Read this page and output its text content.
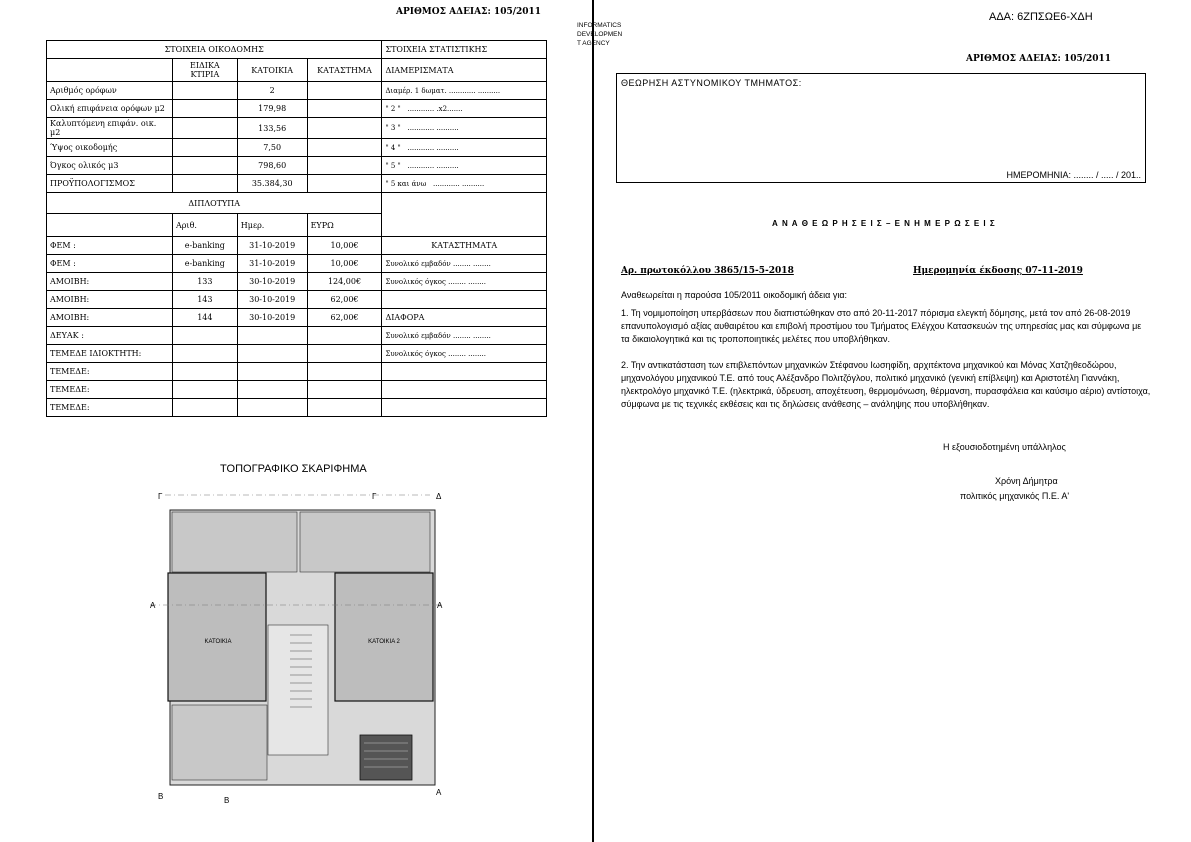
ΑΡΙΘΜΟΣ ΑΔΕΙΑΣ: 105/2011
ΣΤΟΙΧΕΙΑ ΟΙΚΟΔΟΜΗΣ				ΣΤΟΙΧΕΙΑ ΣΤΑΤΙΣΤΙΚΗΣ
	ΕΙΔΙΚΑ ΚΤΙΡΙΑ	ΚΑΤΟΙΚΙΑ	ΚΑΤΑΣΤΗΜΑ	ΔΙΑΜΕΡΙΣΜΑΤΑ
Αριθμός ορόφων		2		Διαμέρ. 1 δωματ. ............ ..........
Ολική επιφάνεια ορόφων μ2		179,98		" 2 " ............ .x2.......
Καλυπτόμενη επιφάν. οικ. μ2		133,56		" 3 " ............ ..........
Ύψος οικοδομής		7,50		" 4 " ............ ..........
Όγκος ολικός μ3		798,60		" 5 " ............ ..........
ΠΡΟΫΠΟΛΟΓΙΣΜΟΣ		35.384,30		" 5 και άνω ............ ..........
ΔΙΠΛΟΤΥΠΑ				
	Αριθ.	Ημερ.	ΕΥΡΩ	
ΦΕΜ :	e-banking	31-10-2019	10,00€	ΚΑΤΑΣΤΗΜΑΤΑ
ΦΕΜ :	e-banking	31-10-2019	10,00€	Συνολικό εμβαδόν ........ ........
ΑΜΟΙΒΗ:	133	30-10-2019	124,00€	Συνολικός όγκος ........ ........
ΑΜΟΙΒΗ:	143	30-10-2019	62,00€	
ΑΜΟΙΒΗ:	144	30-10-2019	62,00€	ΔΙΑΦΟΡΑ
ΔΕΥΑΚ :				Συνολικό εμβαδόν ........ ........
ΤΕΜΕΔΕ ΙΔΙΟΚΤΗΤΗ:				Συνολικός όγκος ........ ........
ΤΕΜΕΔΕ:				
ΤΕΜΕΔΕ:				
ΤΕΜΕΔΕ:				
ΤΟΠΟΓΡΑΦΙΚΟ ΣΚΑΡΙΦΗΜΑ
ΚΑΤΟΙΚΙΑ	ΚΑΤΟΙΚΙΑ 2
Γ	Γ	Δ
Α	Α
Β	Β
Α
INFORMATICS
DEVELOPMEN
T AGENCY
ΑΔΑ: 6ΖΠΣΩΕ6-ΧΔΗ
ΑΡΙΘΜΟΣ ΑΔΕΙΑΣ: 105/2011
ΘΕΩΡΗΣΗ ΑΣΤΥΝΟΜΙΚΟΥ ΤΜΗΜΑΤΟΣ:
ΗΜΕΡΟΜΗΝΙΑ: ........ / ..... / 201..
Α Ν Α Θ Ε Ω Ρ Η Σ Ε Ι Σ – Ε Ν Η Μ Ε Ρ Ω Σ Ε Ι Σ
Αρ. πρωτοκόλλου 3865/15-5-2018	Ημερομηνία έκδοσης 07-11-2019
Αναθεωρείται η παρούσα 105/2011 οικοδομική άδεια για:
1. Τη νομιμοποίηση υπερβάσεων που διαπιστώθηκαν στο από 20-11-2017 πόρισμα ελεγκτή δόμησης, μετά τον από 26-08-2019 επανυπολογισμό αξίας αυθαιρέτου και επιβολή προστίμου του Τμήματος Ελέγχου Κατασκευών της υπηρεσίας μας και σύμφωνα με τα δικαιολογητικά και τις τροποποιητικές μελέτες που υποβλήθηκαν.
2. Την αντικατάσταση των επιβλεπόντων μηχανικών Στέφανου Ιωσηφίδη, αρχιτέκτονα μηχανικού και Μόνας Χατζηθεοδώρου, μηχανολόγου μηχανικού Τ.Ε. από τους Αλέξανδρο Πολιτζόγλου, πολιτικό μηχανικό (γενική επίβλεψη) και Αριστοτέλη Γιαννάκη, ηλεκτρολόγο μηχανικό Τ.Ε. (ηλεκτρικά, ύδρευση, αποχέτευση, θερμομόνωση, θέρμανση, πυρασφάλεια και καύσιμο αέριο) αντίστοιχα, σύμφωνα με τις τεχνικές εκθέσεις και τις δηλώσεις ανάθεσης – ανάληψης που υποβλήθηκαν.
Η εξουσιοδοτημένη υπάλληλος
Χρόνη Δήμητρα
πολιτικός μηχανικός Π.Ε. Α'
